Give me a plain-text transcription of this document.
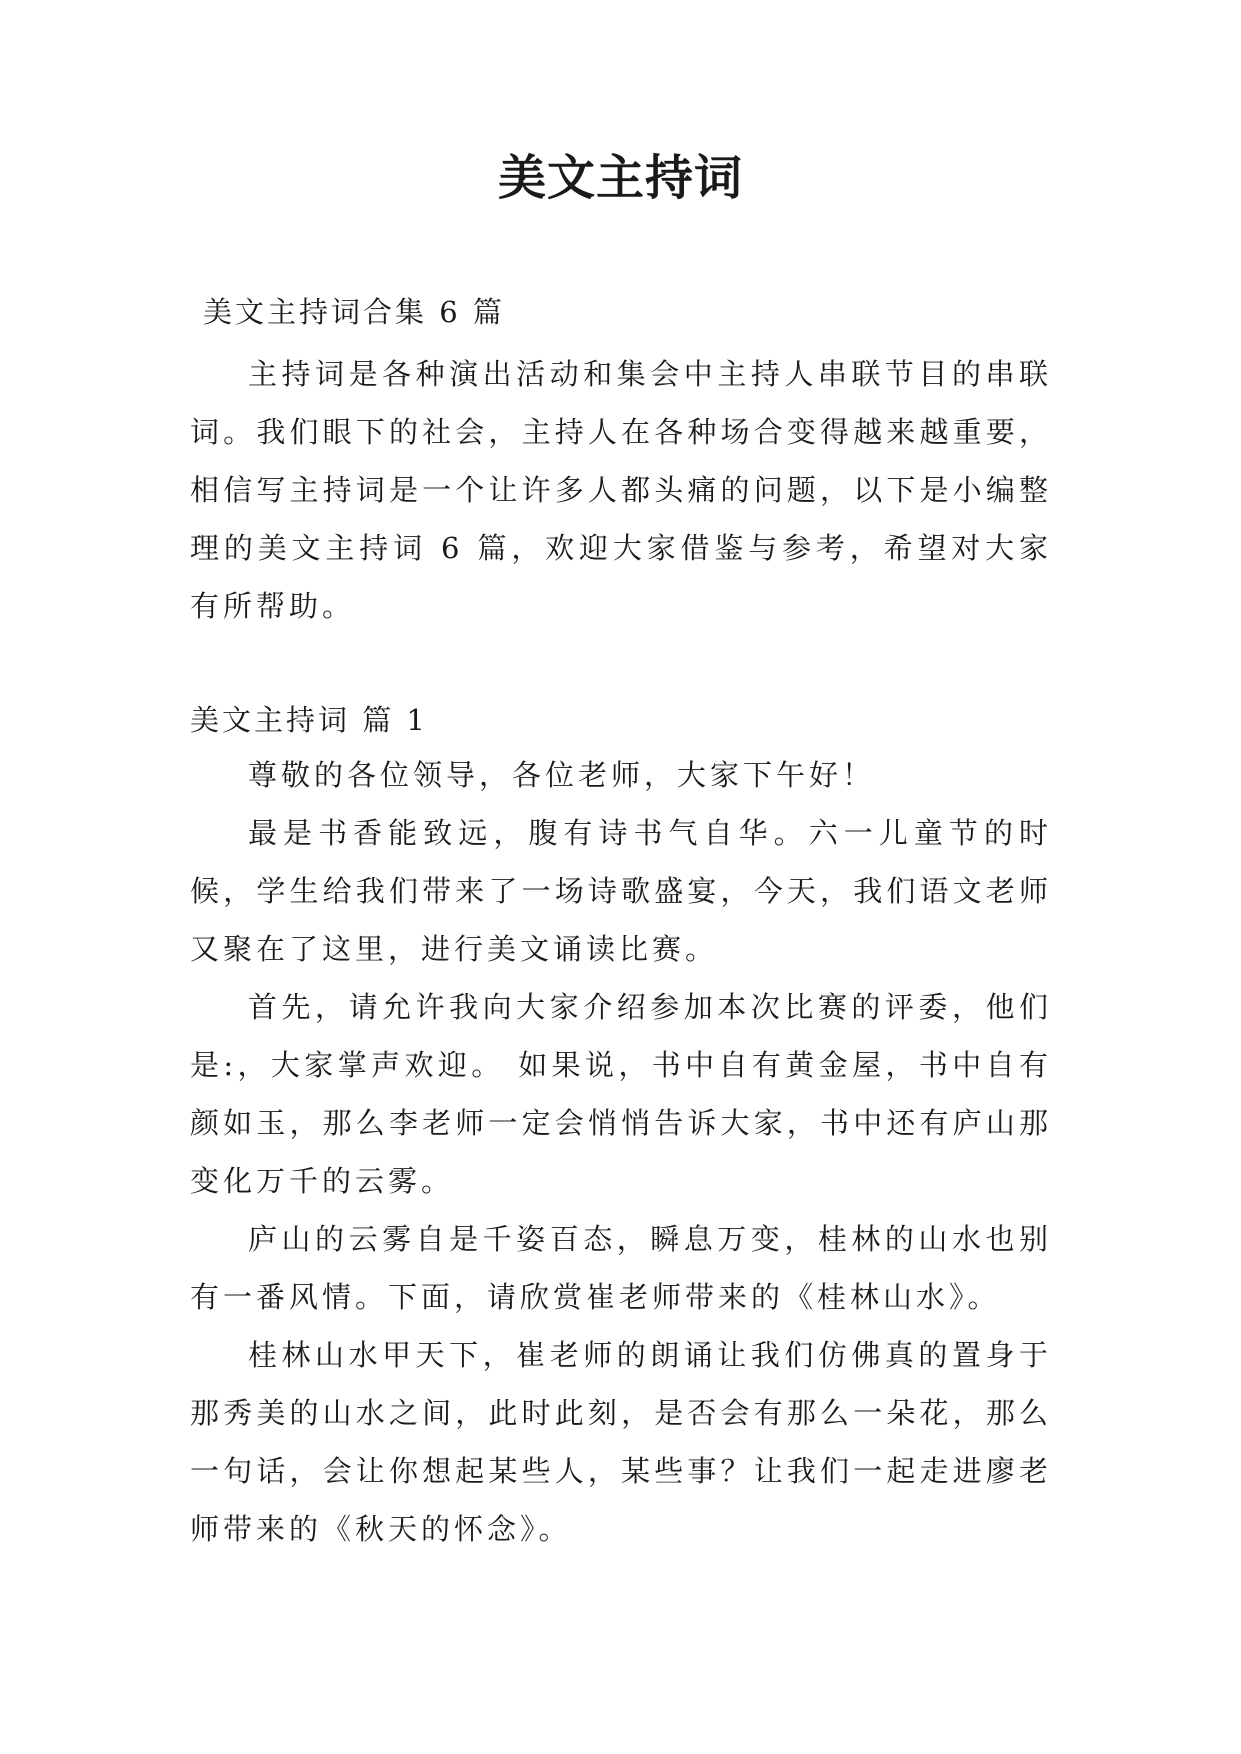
美文主持词
美文主持词合集 6 篇

主持词是各种演出活动和集会中主持人串联节目的串联词。我们眼下的社会，主持人在各种场合变得越来越重要，相信写主持词是一个让许多人都头痛的问题，以下是小编整理的美文主持词 6 篇，欢迎大家借鉴与参考，希望对大家有所帮助。

美文主持词 篇 1

尊敬的各位领导，各位老师，大家下午好！

最是书香能致远，腹有诗书气自华。六一儿童节的时候，学生给我们带来了一场诗歌盛宴，今天，我们语文老师又聚在了这里，进行美文诵读比赛。

首先，请允许我向大家介绍参加本次比赛的评委，他们是:，大家掌声欢迎。 如果说，书中自有黄金屋，书中自有颜如玉，那么李老师一定会悄悄告诉大家，书中还有庐山那变化万千的云雾。

庐山的云雾自是千姿百态，瞬息万变，桂林的山水也别有一番风情。下面，请欣赏崔老师带来的《桂林山水》。

桂林山水甲天下，崔老师的朗诵让我们仿佛真的置身于那秀美的山水之间，此时此刻，是否会有那么一朵花，那么一句话，会让你想起某些人，某些事？让我们一起走进廖老师带来的《秋天的怀念》。
